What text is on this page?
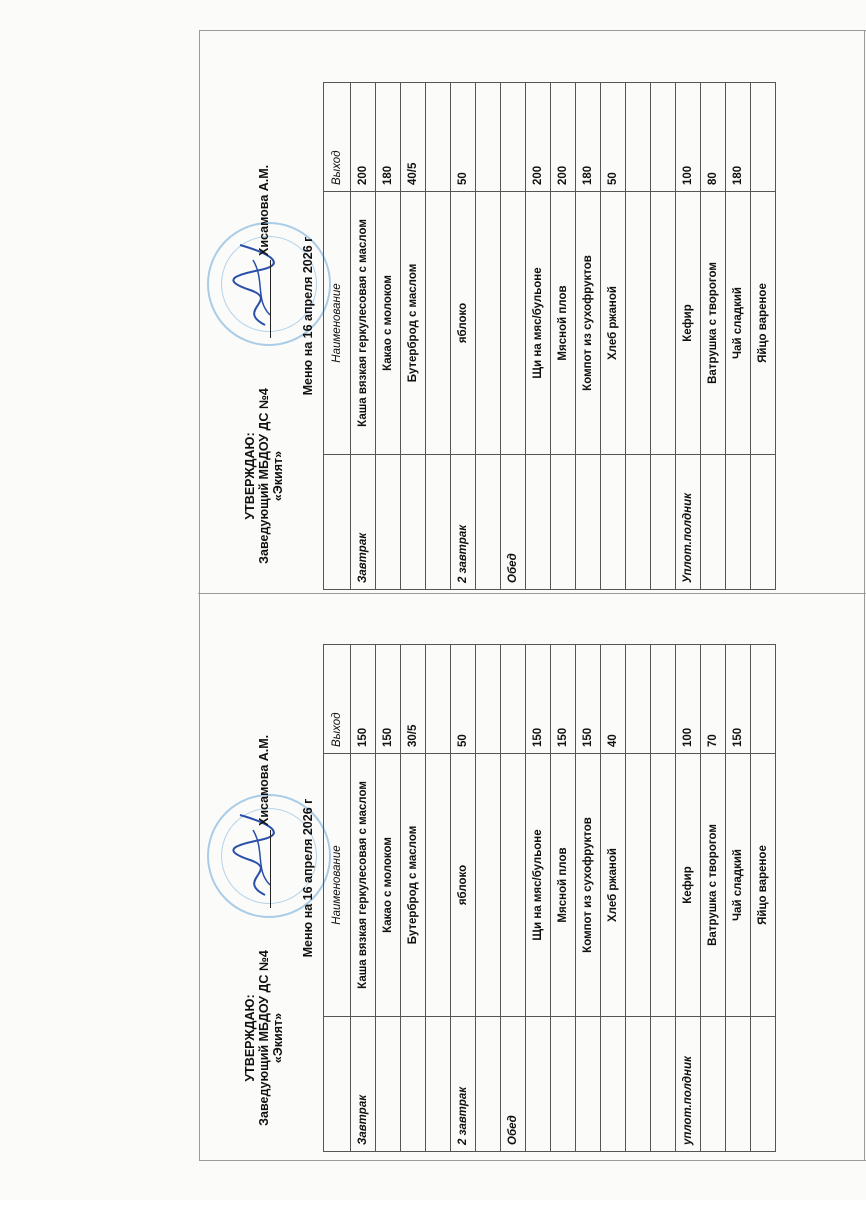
УТВЕРЖДАЮ: Заведующий МБДОУ ДС №4 «Экият»
Хисамова А.М.
Меню на 16 апреля 2026 г
	Наименование	Выход
Завтрак	Каша вязкая геркулесовая с маслом	150
	Какао с молоком	150
	Бутерброд с маслом	30/5

2 завтрак	яблоко	50

Обед		
	Щи на мяс/бульоне	150
	Мясной плов	150
	Компот из сухофруктов	150
	Хлеб ржаной	40

уплот.полдник	Кефир	100
	Ватрушка с творогом	70
	Чай сладкий	150
	Яйцо вареное	
УТВЕРЖДАЮ: Заведующий МБДОУ ДС №4 «Экият»
Хисамова А.М.
Меню на 16 апреля 2026 г
	Наименование	Выход
Завтрак	Каша вязкая геркулесовая с маслом	200
	Какао с молоком	180
	Бутерброд с маслом	40/5

2 завтрак	яблоко	50

Обед		
	Щи на мяс/бульоне	200
	Мясной плов	200
	Компот из сухофруктов	180
	Хлеб ржаной	50

Уплот.полдник	Кефир	100
	Ватрушка с творогом	80
	Чай сладкий	180
	Яйцо вареное	
